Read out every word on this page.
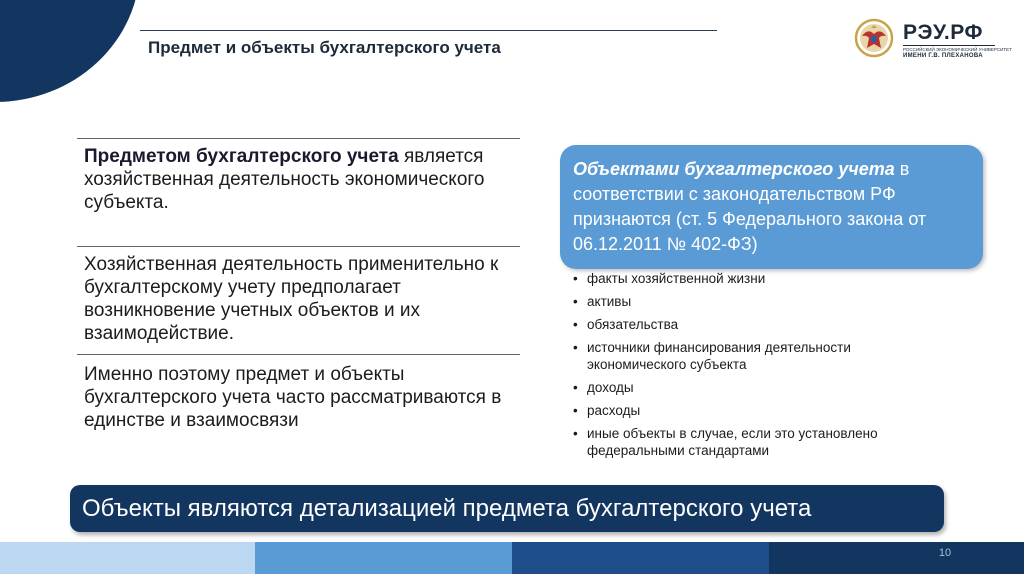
Предмет и объекты бухгалтерского учета
РЭУ.РФ
РОССИЙСКИЙ ЭКОНОМИЧЕСКИЙ УНИВЕРСИТЕТ
ИМЕНИ Г.В. ПЛЕХАНОВА
Предметом бухгалтерского учета является хозяйственная деятельность экономического субъекта.
Хозяйственная деятельность применительно к бухгалтерскому учету предполагает возникновение учетных объектов и их взаимодействие.
Именно поэтому предмет и объекты бухгалтерского учета часто рассматриваются в единстве и взаимосвязи
Объектами бухгалтерского учета в соответствии с законодательством РФ признаются (ст. 5 Федерального закона от 06.12.2011 № 402-ФЗ)
• факты хозяйственной жизни
• активы
• обязательства
• источники финансирования деятельности экономического субъекта
• доходы
• расходы
• иные объекты в случае, если это установлено федеральными стандартами
Объекты являются детализацией предмета бухгалтерского учета
10
